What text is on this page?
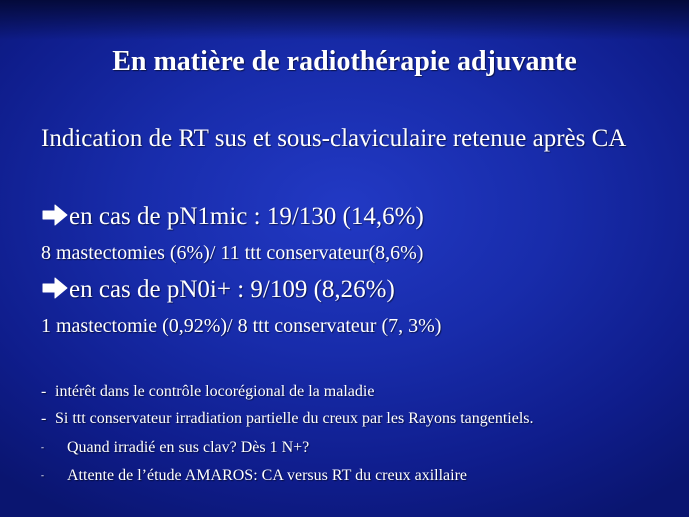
En matière de radiothérapie adjuvante

Indication de RT sus et sous-claviculaire retenue après CA

en cas de pN1mic : 19/130 (14,6%)

8 mastectomies (6%)/ 11 ttt conservateur(8,6%)

en cas de pN0i+ : 9/109 (8,26%)

1 mastectomie (0,92%)/ 8 ttt conservateur (7, 3%)

- intérêt dans le contrôle locorégional de la maladie

- Si ttt conservateur irradiation partielle du creux par les Rayons tangentiels.

- Quand irradié en sus clav? Dès 1 N+?

- Attente de l’étude AMAROS: CA versus RT du creux axillaire
